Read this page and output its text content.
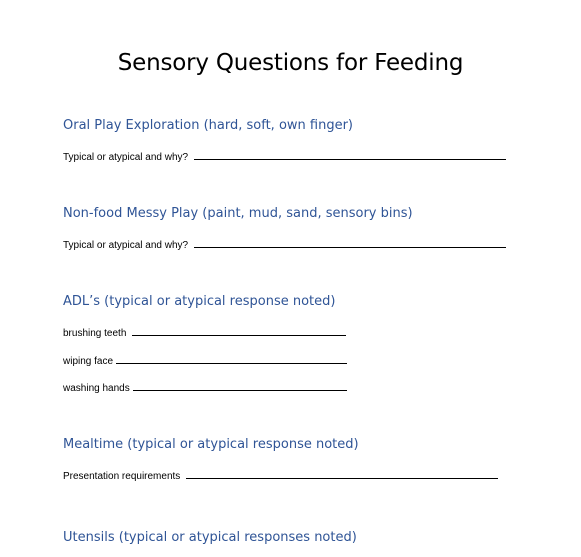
Sensory Questions for Feeding
Oral Play Exploration (hard, soft, own finger)
Typical or atypical and why?
Non-food Messy Play (paint, mud, sand, sensory bins)
Typical or atypical and why?
ADL’s (typical or atypical response noted)
brushing teeth
wiping face
washing hands
Mealtime (typical or atypical response noted)
Presentation requirements
Utensils (typical or atypical responses noted)
